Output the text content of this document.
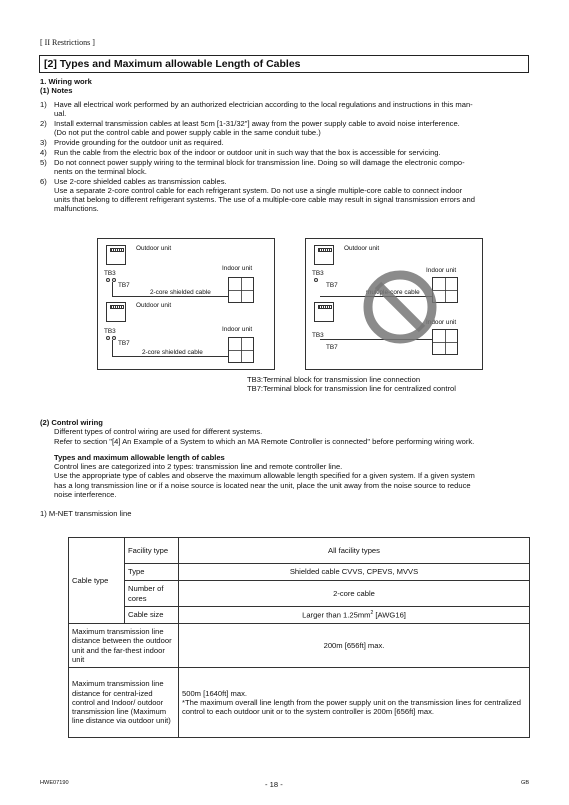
[ II Restrictions ]
[2] Types and Maximum allowable Length of Cables
1. Wiring work
(1) Notes
1) Have all electrical work performed by an authorized electrician according to the local regulations and instructions in this man-
ual.
2) Install external transmission cables at least 5cm [1-31/32"] away from the power supply cable to avoid noise interference.
(Do not put the control cable and power supply cable in the same conduit tube.)
3) Provide grounding for the outdoor unit as required.
4) Run the cable from the electric box of the indoor or outdoor unit in such way that the box is accessible for servicing.
5) Do not connect power supply wiring to the terminal block for transmission line. Doing so will damage the electronic compo-
nents on the terminal block.
6) Use 2-core shielded cables as transmission cables.
Use a separate 2-core control cable for each refrigerant system. Do not use a single multiple-core cable to connect indoor
units that belong to different refrigerant systems. The use of a multiple-core cable may result in signal transmission errors and
malfunctions.

Outdoor unit
TB3
TB7
2-core shielded cable
Indoor unit
Outdoor unit
TB3
TB7
2-core shielded cable
Indoor unit
Outdoor unit
TB3
TB7
multiple-core cable
Indoor unit
TB3
TB7
Indoor unit
TB3:Terminal block for transmission line connection
TB7:Terminal block for transmission line for centralized control
(2) Control wiring
Different types of control wiring are used for different systems.
Refer to section "[4] An Example of a System to which an MA Remote Controller is connected" before performing wiring work.
Types and maximum allowable length of cables
Control lines are categorized into 2 types: transmission line and remote controller line.
Use the appropriate type of cables and observe the maximum allowable length specified for a given system. If a given system
has a long transmission line or if a noise source is located near the unit, place the unit away from the noise source to reduce
noise interference.
1) M-NET transmission line
Cable type	Facility type	All facility types
	Type	Shielded cable CVVS, CPEVS, MVVS
	Number of cores	2-core cable
	Cable size	Larger than $1.25mm^2$ [AWG16]
Maximum transmission line distance between the outdoor unit and the far-thest indoor unit		200m [656ft] max.
Maximum transmission line distance for central-ized control and Indoor/ outdoor transmission line (Maximum line distance via outdoor unit)		500m [1640ft] max.
*The maximum overall line length from the power supply unit on the transmission lines for centralized control to each outdoor unit or to the system controller is 200m [656ft] max.
HWE07190	- 18 -	GB
